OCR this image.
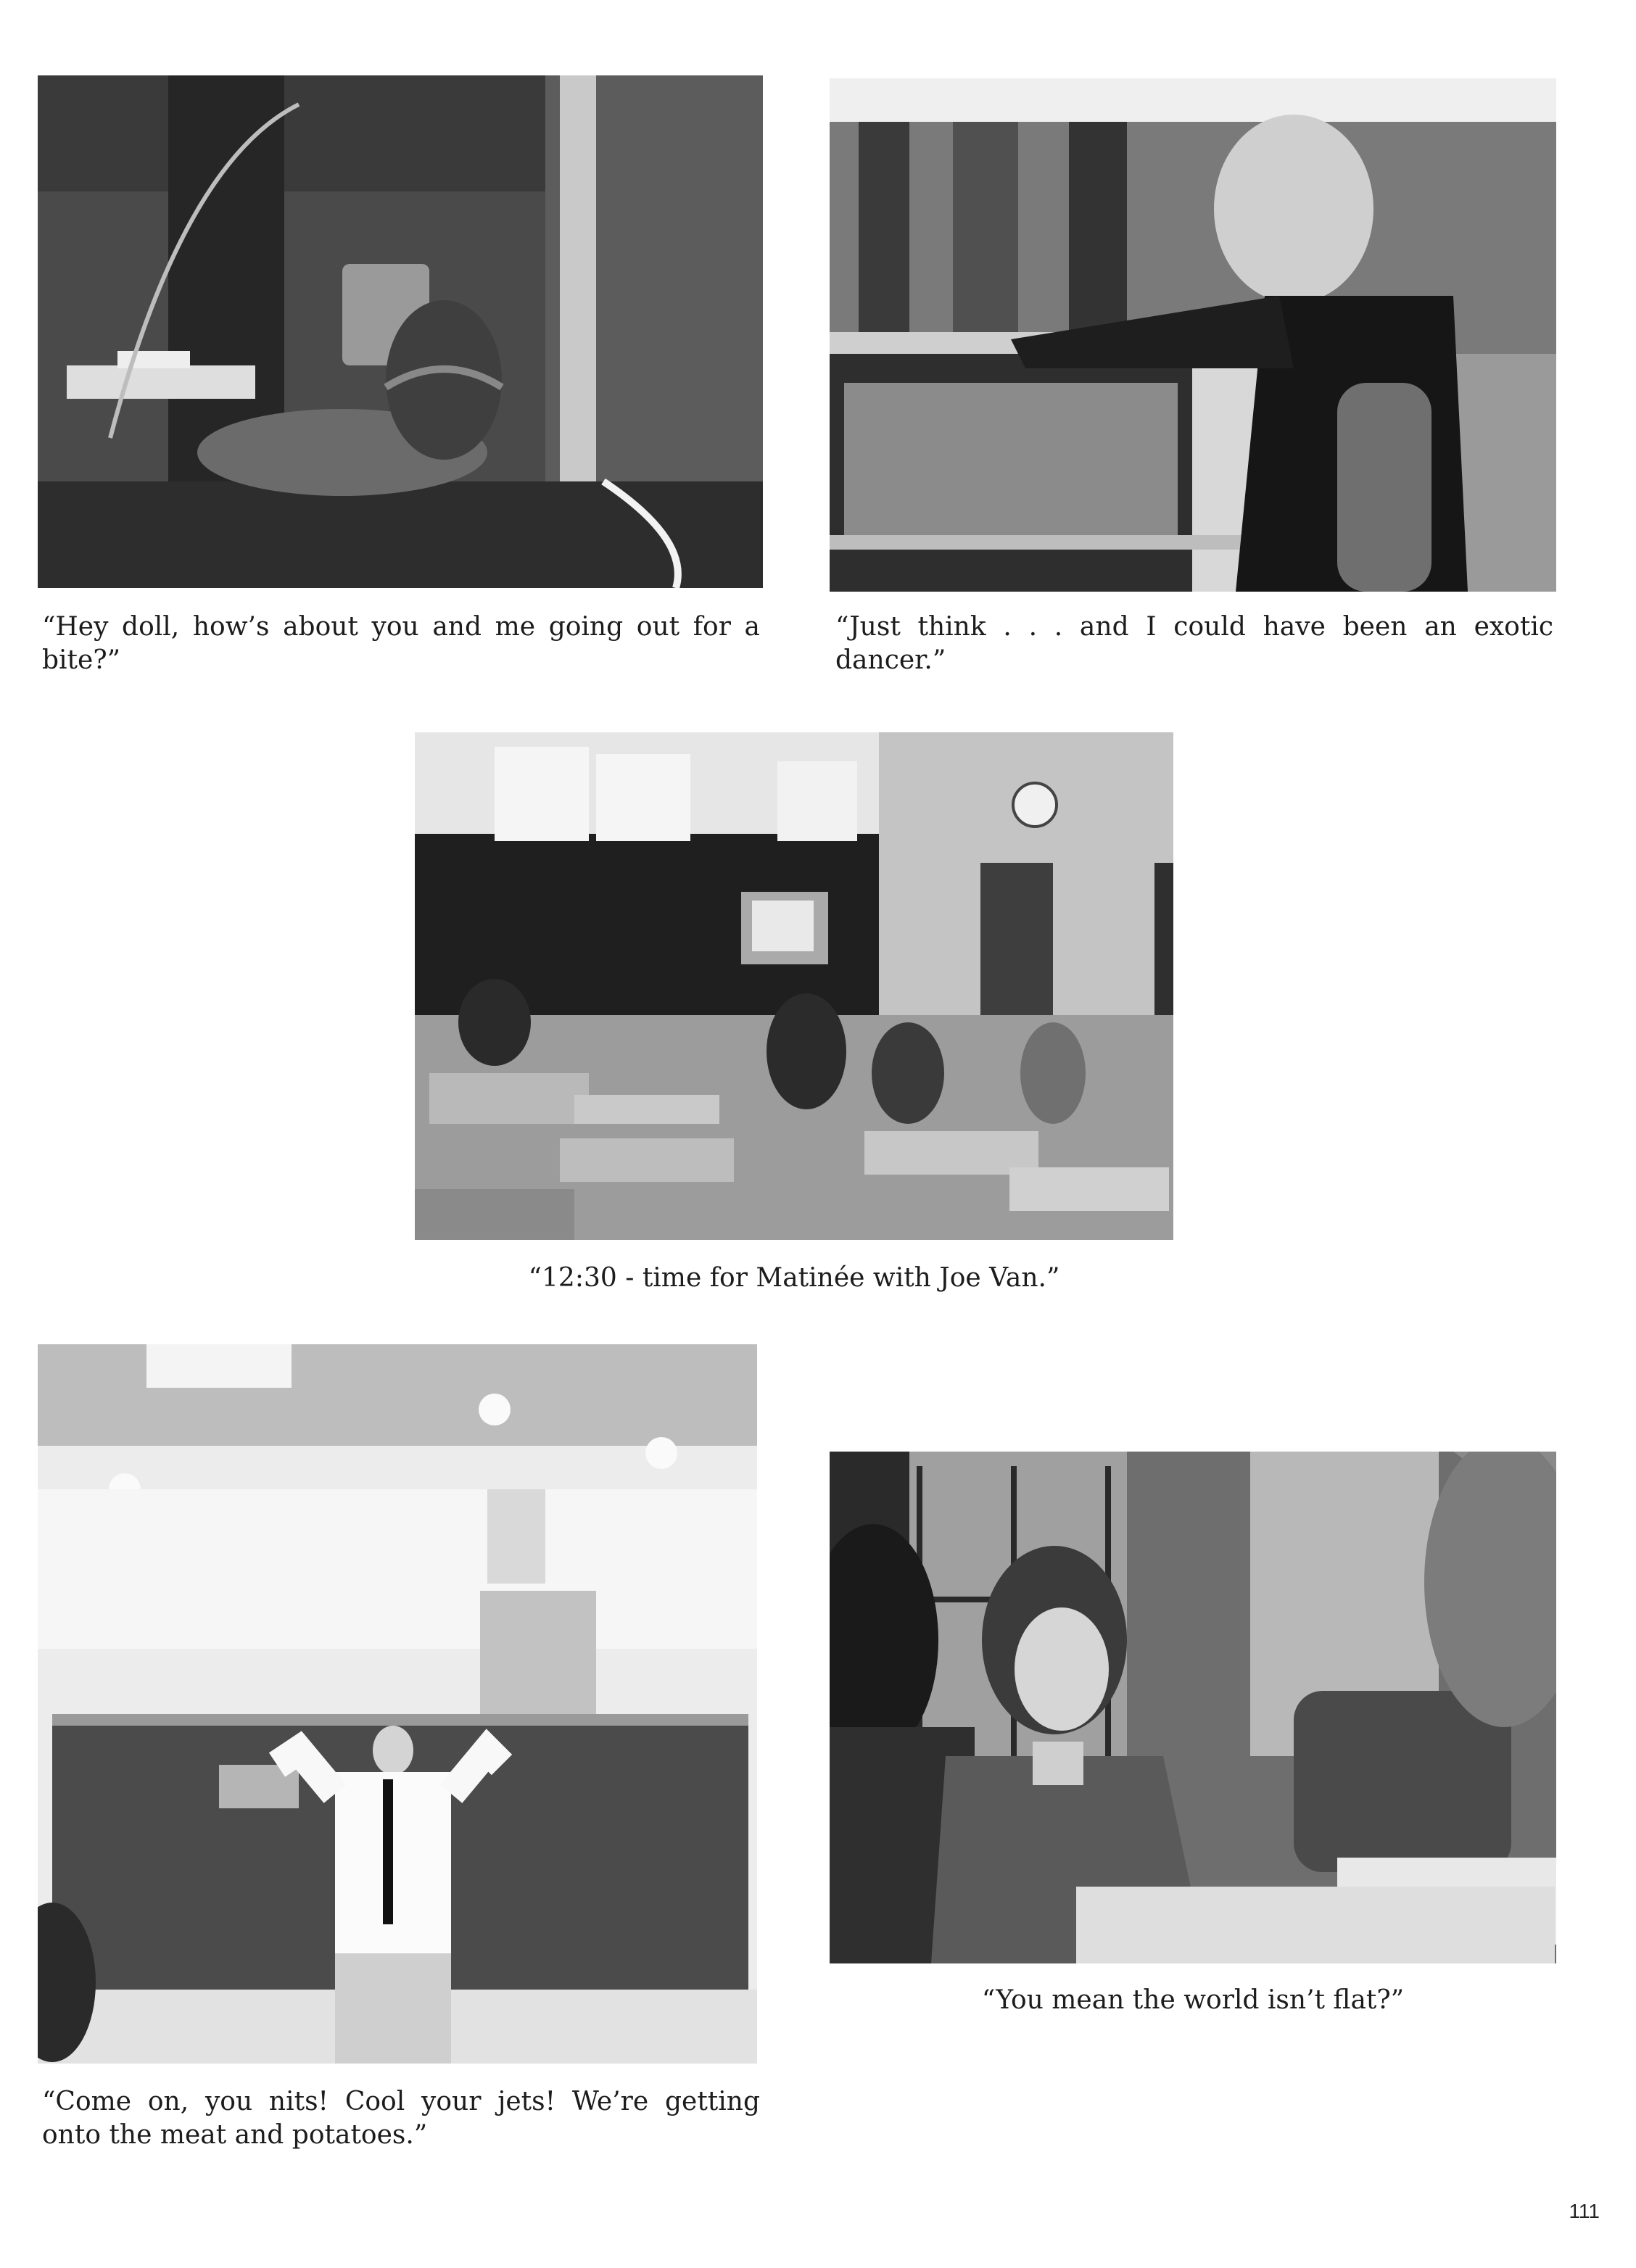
“Hey doll, how’s about you and me going out for a bite?”
“Just think . . . and I could have been an exotic dancer.”
“12:30 - time for Matinée with Joe Van.”
“Come on, you nits! Cool your jets! We’re getting onto the meat and potatoes.”
“You mean the world isn’t flat?”
111
